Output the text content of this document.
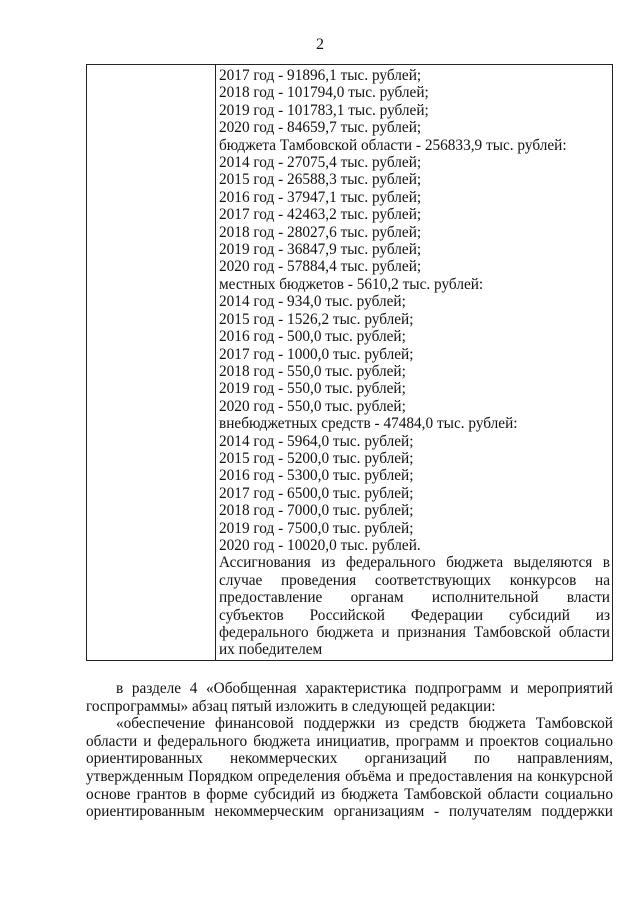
2
2017 год - 91896,1 тыс. рублей;
2018 год - 101794,0 тыс. рублей;
2019 год - 101783,1 тыс. рублей;
2020 год - 84659,7 тыс. рублей;
бюджета Тамбовской области - 256833,9 тыс. рублей:
2014 год - 27075,4 тыс. рублей;
2015 год - 26588,3 тыс. рублей;
2016 год - 37947,1 тыс. рублей;
2017 год - 42463,2 тыс. рублей;
2018 год - 28027,6 тыс. рублей;
2019 год - 36847,9 тыс. рублей;
2020 год - 57884,4 тыс. рублей;
местных бюджетов - 5610,2 тыс. рублей:
2014 год - 934,0 тыс. рублей;
2015 год - 1526,2 тыс. рублей;
2016 год - 500,0 тыс. рублей;
2017 год - 1000,0 тыс. рублей;
2018 год - 550,0 тыс. рублей;
2019 год - 550,0 тыс. рублей;
2020 год - 550,0 тыс. рублей;
внебюджетных средств - 47484,0 тыс. рублей:
2014 год - 5964,0 тыс. рублей;
2015 год - 5200,0 тыс. рублей;
2016 год - 5300,0 тыс. рублей;
2017 год - 6500,0 тыс. рублей;
2018 год - 7000,0 тыс. рублей;
2019 год - 7500,0 тыс. рублей;
2020 год - 10020,0 тыс. рублей.
Ассигнования из федерального бюджета выделяются в
случае проведения соответствующих конкурсов на
предоставление органам исполнительной власти
субъектов Российской Федерации субсидий из
федерального бюджета и признания Тамбовской области
их победителем
в разделе 4 «Обобщенная характеристика подпрограмм и мероприятий
госпрограммы» абзац пятый изложить в следующей редакции:
«обеспечение финансовой поддержки из средств бюджета Тамбовской
области и федерального бюджета инициатив, программ и проектов социально
ориентированных некоммерческих организаций по направлениям,
утвержденным Порядком определения объёма и предоставления на конкурсной
основе грантов в форме субсидий из бюджета Тамбовской области социально
ориентированным некоммерческим организациям - получателям поддержки
